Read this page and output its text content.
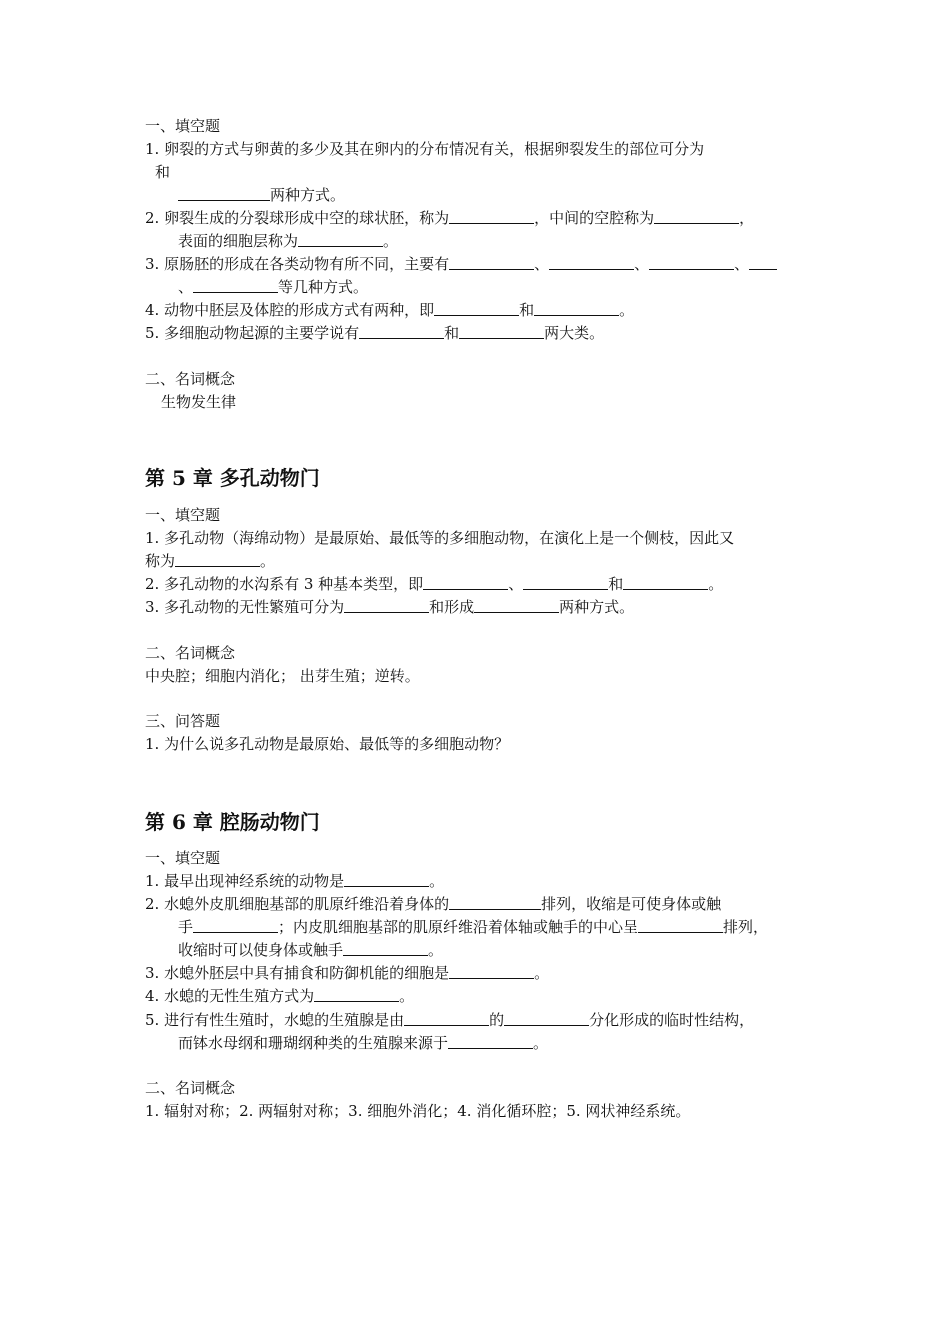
一、填空题
1. 卵裂的方式与卵黄的多少及其在卵内的分布情况有关，根据卵裂发生的部位可分为
和
两种方式。
2. 卵裂生成的分裂球形成中空的球状胚，称为	，中间的空腔称为	，
表面的细胞层称为	。
3. 原肠胚的形成在各类动物有所不同，主要有	、	、	、
、	等几种方式。
4. 动物中胚层及体腔的形成方式有两种，即	和	。
5. 多细胞动物起源的主要学说有	和	两大类。
二、名词概念
生物发生律
第 5 章 多孔动物门
一、填空题
1. 多孔动物（海绵动物）是最原始、最低等的多细胞动物，在演化上是一个侧枝，因此又
称为	。
2. 多孔动物的水沟系有 3 种基本类型，即	、	和	。
3. 多孔动物的无性繁殖可分为	和形成	两种方式。
二、名词概念
中央腔；细胞内消化； 出芽生殖；逆转。
三、问答题
1. 为什么说多孔动物是最原始、最低等的多细胞动物？
第 6 章 腔肠动物门
一、填空题
1. 最早出现神经系统的动物是	。
2. 水螅外皮肌细胞基部的肌原纤维沿着身体的	排列，收缩是可使身体或触
手	；内皮肌细胞基部的肌原纤维沿着体轴或触手的中心呈	排列，
收缩时可以使身体或触手	。
3. 水螅外胚层中具有捕食和防御机能的细胞是	。
4. 水螅的无性生殖方式为	。
5. 进行有性生殖时，水螅的生殖腺是由	的	分化形成的临时性结构，
而钵水母纲和珊瑚纲种类的生殖腺来源于	。
二、名词概念
1. 辐射对称；2. 两辐射对称；3. 细胞外消化；4. 消化循环腔；5. 网状神经系统。
